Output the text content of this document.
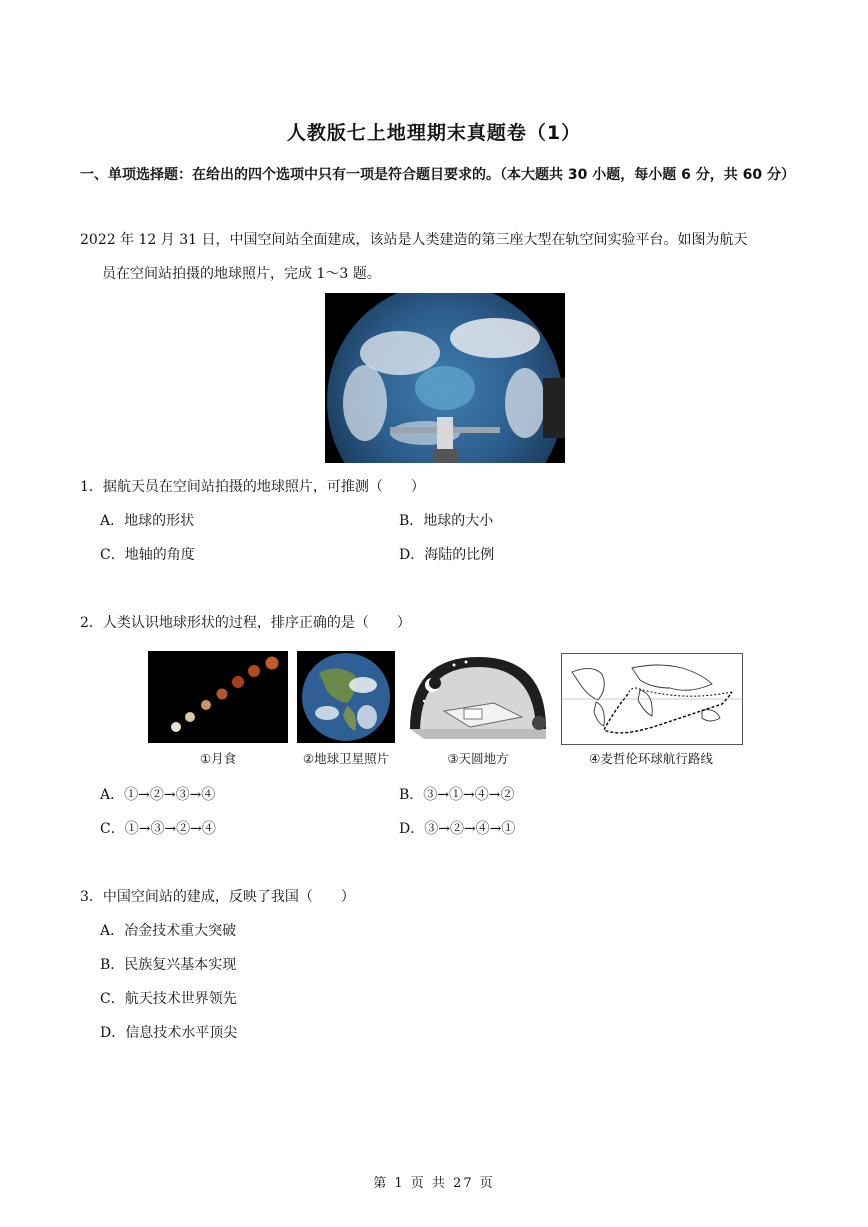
人教版七上地理期末真题卷（1）
一、单项选择题：在给出的四个选项中只有一项是符合题目要求的。（本大题共 30 小题，每小题 6 分，共 60 分）
2022 年 12 月 31 日，中国空间站全面建成，该站是人类建造的第三座大型在轨空间实验平台。如图为航天
员在空间站拍摄的地球照片，完成 1～3 题。
1．据航天员在空间站拍摄的地球照片，可推测（　　）
A．地球的形状	B．地球的大小
C．地轴的角度	D．海陆的比例
2．人类认识地球形状的过程，排序正确的是（　　）
①月食	②地球卫星照片	③天圆地方	④麦哲伦环球航行路线
A．①→②→③→④	B．③→①→④→②
C．①→③→②→④	D．③→②→④→①
3．中国空间站的建成，反映了我国（　　）
A．冶金技术重大突破
B．民族复兴基本实现
C．航天技术世界领先
D．信息技术水平顶尖
第 1 页 共 27 页
